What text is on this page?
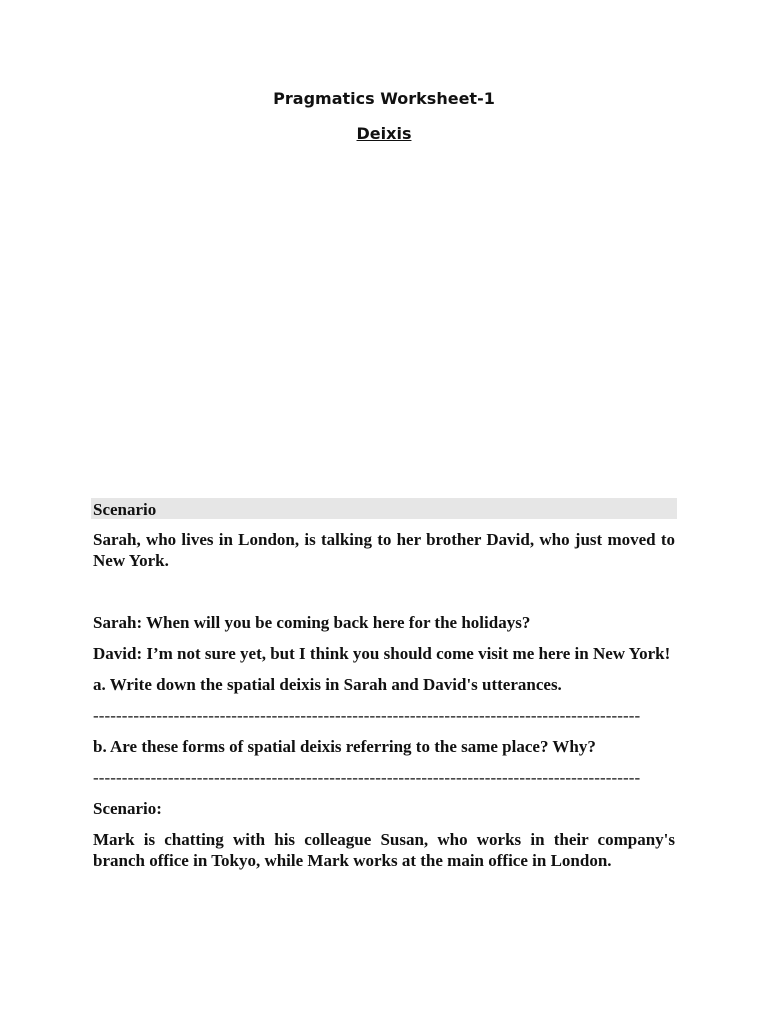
Pragmatics Worksheet-1
Deixis
Scenario

Sarah, who lives in London, is talking to her brother David, who just moved to New York.

Sarah: When will you be coming back here for the holidays?

David: I’m not sure yet, but I think you should come visit me here in New York!

a. Write down the spatial deixis in Sarah and David's utterances.

-----------------------------------------------------------------------------------------------

b. Are these forms of spatial deixis referring to the same place? Why?

-----------------------------------------------------------------------------------------------

Scenario:

Mark is chatting with his colleague Susan, who works in their company's branch office in Tokyo, while Mark works at the main office in London.
